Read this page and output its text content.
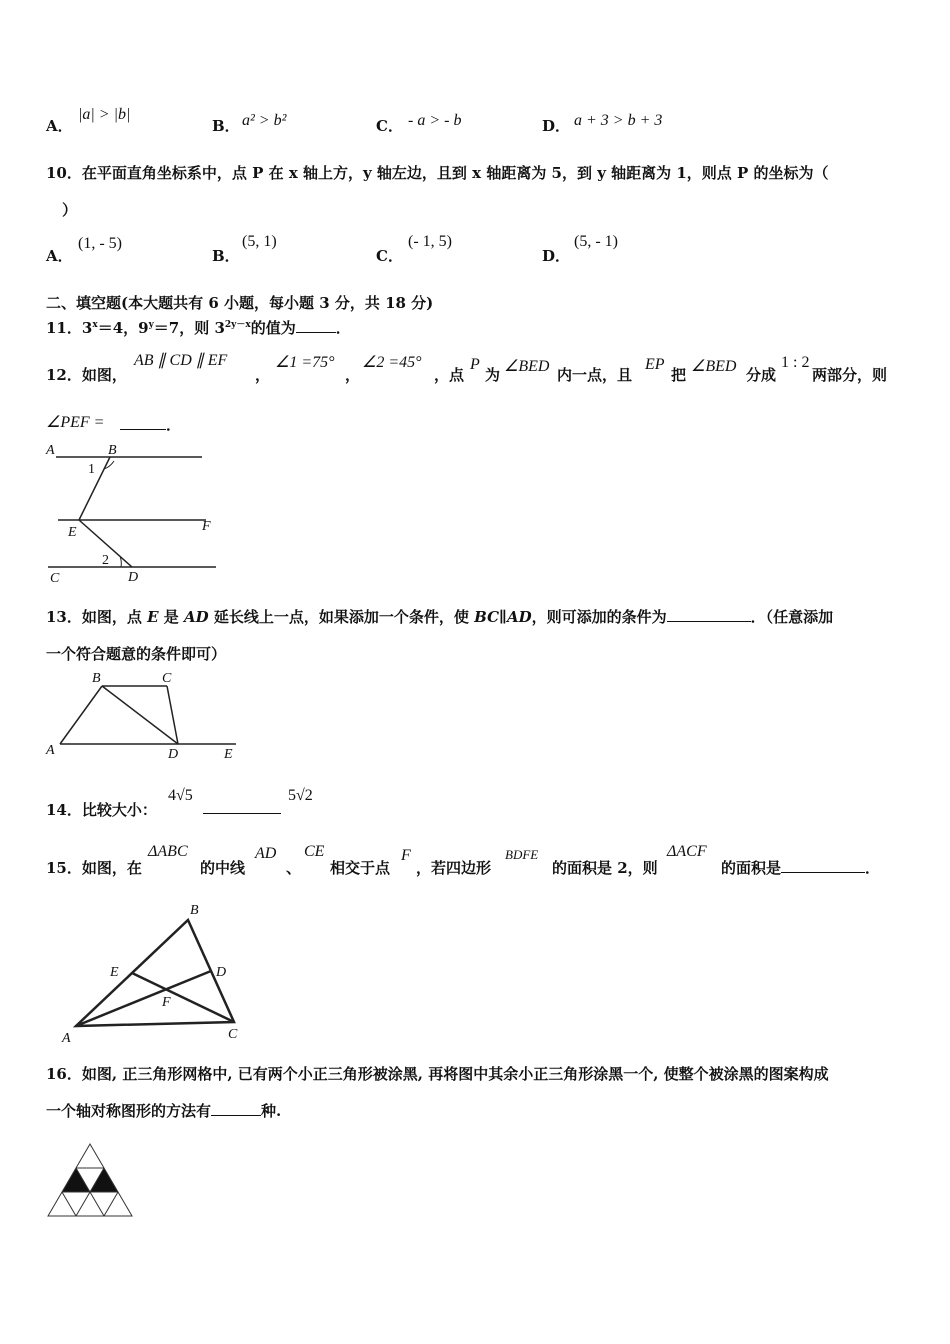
A．
|a| > |b|
B． a² > b²	C． - a > - b	D． a + 3 > b + 3
10．在平面直角坐标系中，点 P 在 x 轴上方，y 轴左边，且到 x 轴距离为 5，到 y 轴距离为 1，则点 P 的坐标为（
）
A．
(1, - 5)
B．
(5, 1)
C．
(- 1, 5)
D．
(5, - 1)
二、填空题(本大题共有 6 小题，每小题 3 分，共 18 分)
11．$3^x=4$，$9^y=7$，则 $3^{2y-x}$的值为	．
12．如图，
AB ∥ CD ∥ EF
，
∠1 =75°
，
∠2 =45°
，点
P
为 ∠BED 内一点，且
EP
把 ∠BED 分成
1 : 2
两部分，则
∠PEF =	．
A	B
1
E	F
2
C	D
13．如图，点 E 是 AD 延长线上一点，如果添加一个条件，使 BC∥AD，则可添加的条件为	．（任意添加
一个符合题意的条件即可）
B	C
A	D	E
14．比较大小：
4√5	5√2
15．如图，在
ΔABC
的中线
AD
、
CE
相交于点
F
，若四边形
BDFE
的面积是 2，则
ΔACF
的面积是	．
B
E	D
F
A	C
16．如图, 正三角形网格中, 已有两个小正三角形被涂黑, 再将图中其余小正三角形涂黑一个, 使整个被涂黑的图案构成
一个轴对称图形的方法有	种.
